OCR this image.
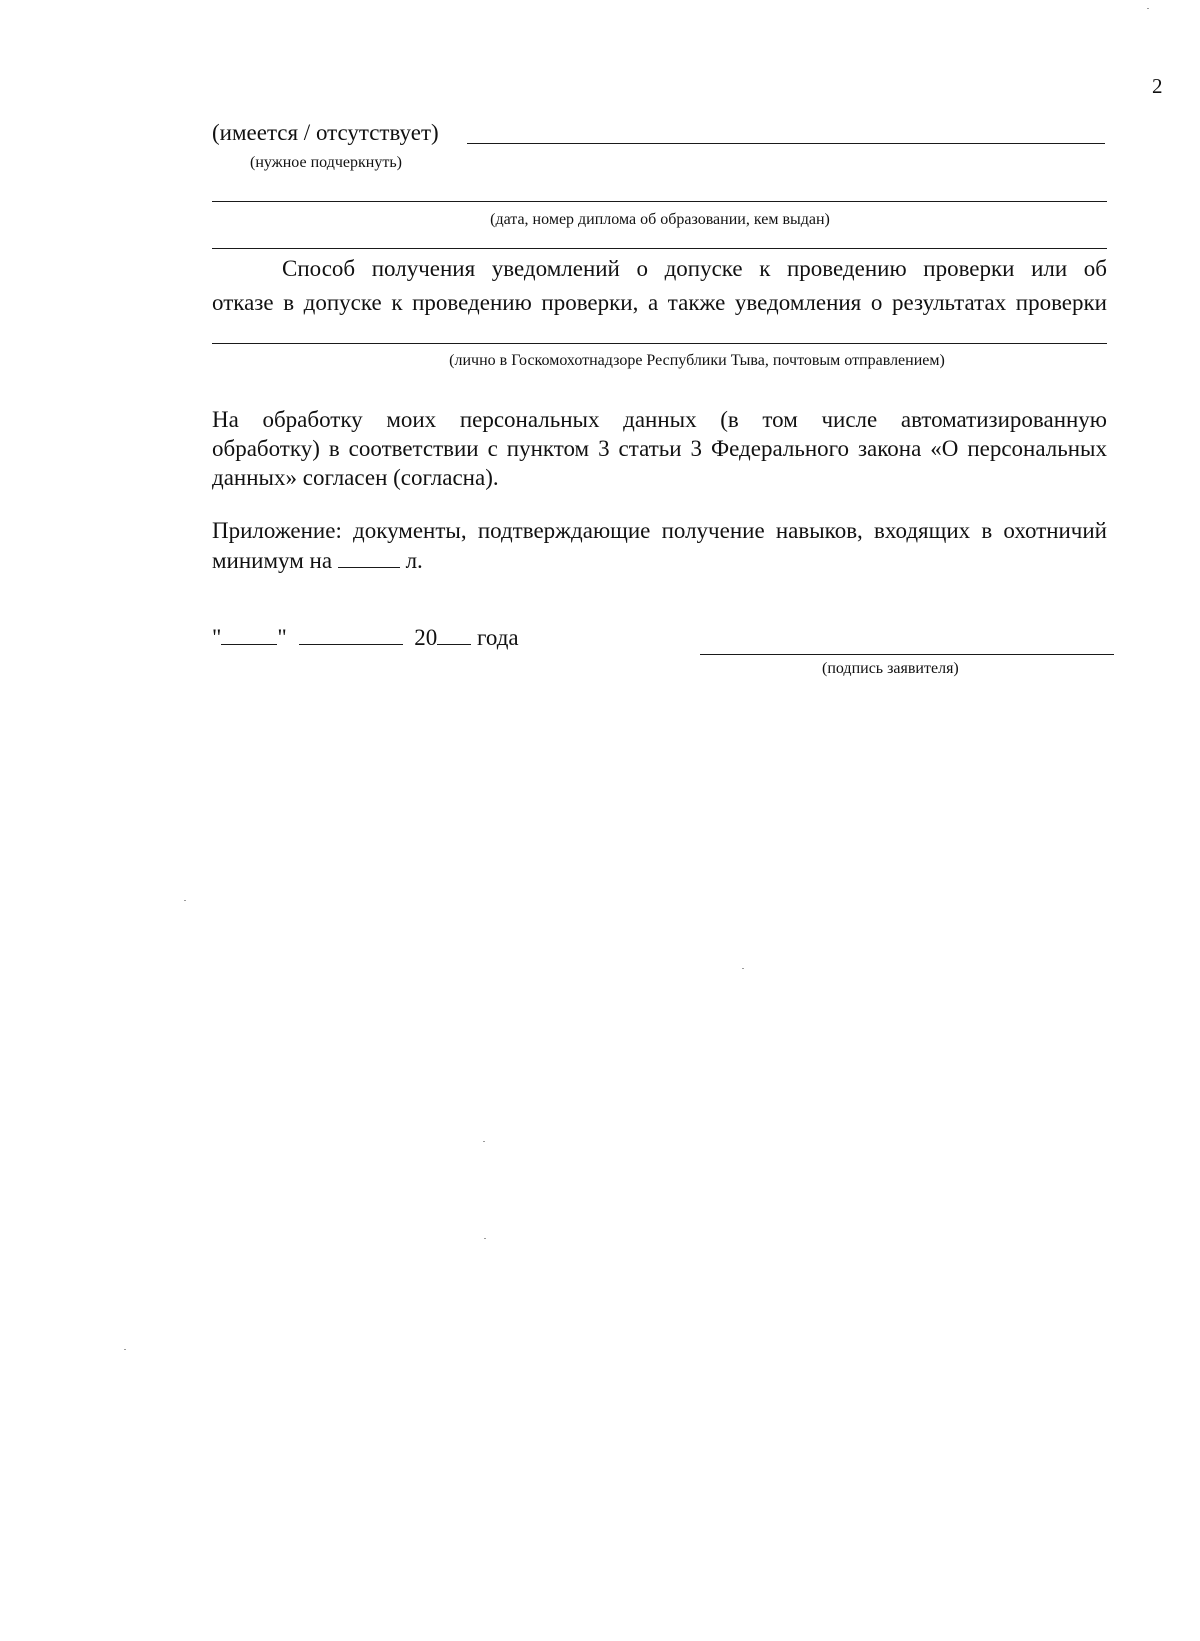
2
(имеется / отсутствует)
(нужное подчеркнуть)
(дата, номер диплома об образовании, кем выдан)
Способ получения уведомлений о допуске к проведению проверки или об
отказе в допуске к проведению проверки, а также уведомления о результатах проверки
(лично в Госкомохотнадзоре Республики Тыва, почтовым отправлением)
На обработку моих персональных данных (в том числе автоматизированную
обработку) в соответствии с пунктом 3 статьи 3 Федерального закона «О персональных
данных» согласен (согласна).
Приложение: документы, подтверждающие получение навыков, входящих в охотничий
минимум на	л.
" "	20 года
(подпись заявителя)
